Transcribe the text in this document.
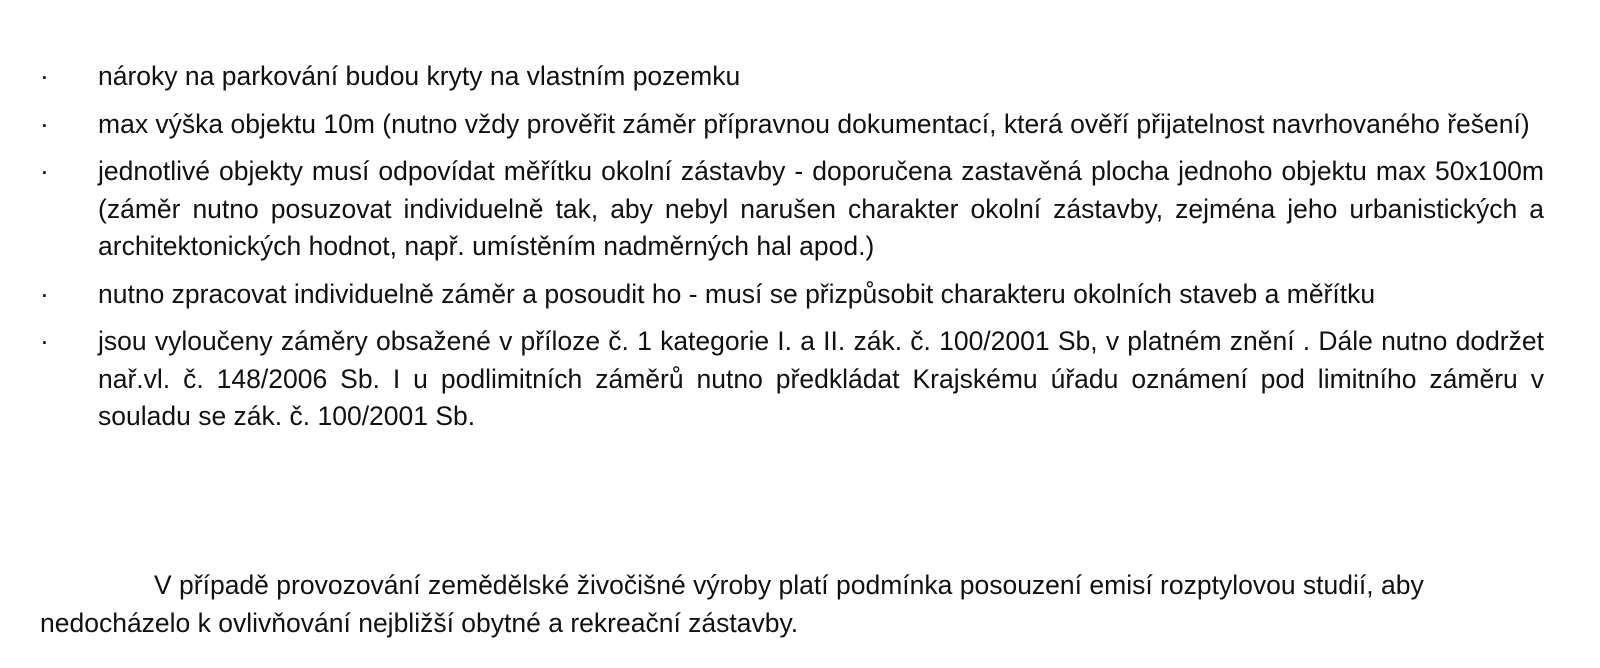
· nároky na parkování budou kryty na vlastním pozemku
· max výška objektu 10m (nutno vždy prověřit záměr přípravnou dokumentací, která ověří přijatelnost navrhovaného řešení)
· jednotlivé objekty musí odpovídat měřítku okolní zástavby - doporučena zastavěná plocha jednoho objektu max 50x100m (záměr nutno posuzovat individuelně tak, aby nebyl narušen charakter okolní zástavby, zejména jeho urbanistických a architektonických hodnot, např. umístěním nadměrných hal apod.)
· nutno zpracovat individuelně záměr a posoudit ho - musí se přizpůsobit charakteru okolních staveb a měřítku
· jsou vyloučeny záměry obsažené v příloze č. 1 kategorie I. a II. zák. č. 100/2001 Sb, v platném znění . Dále nutno dodržet nař.vl. č. 148/2006 Sb. I u podlimitních záměrů nutno předkládat Krajskému úřadu oznámení pod limitního záměru v souladu se zák. č. 100/2001 Sb.

V případě provozování zemědělské živočišné výroby platí podmínka posouzení emisí rozptylovou studií, aby nedocházelo k ovlivňování nejbližší obytné a rekreační zástavby.
